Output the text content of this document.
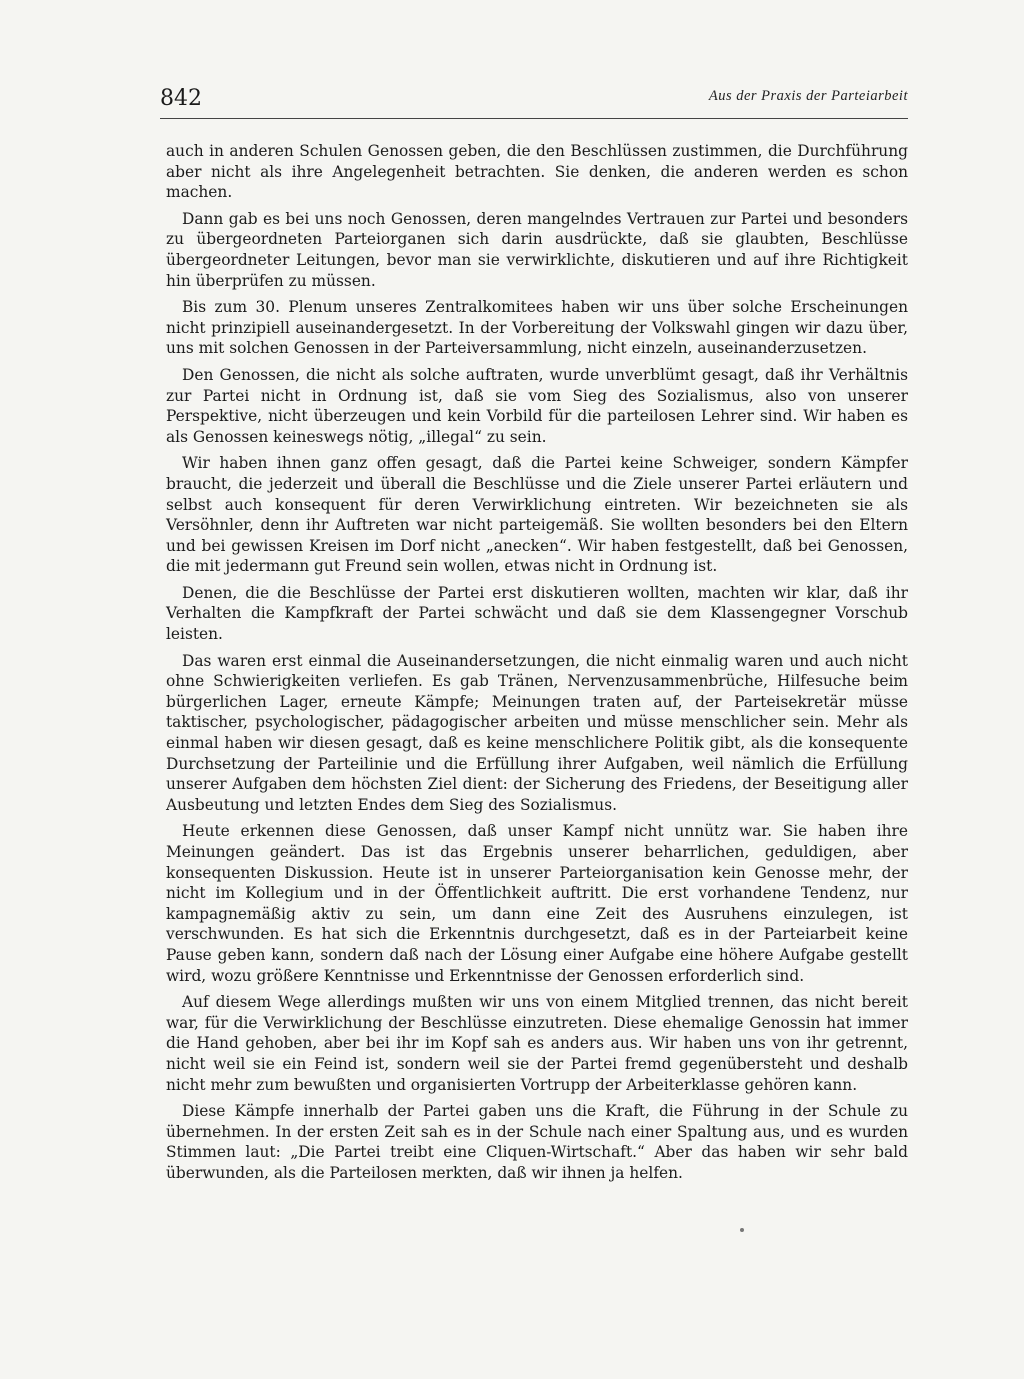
842	Aus der Praxis der Parteiarbeit

auch in anderen Schulen Genossen geben, die den Beschlüssen zustimmen, die Durchführung aber nicht als ihre Angelegenheit betrachten. Sie denken, die anderen werden es schon machen.

Dann gab es bei uns noch Genossen, deren mangelndes Vertrauen zur Partei und besonders zu übergeordneten Parteiorganen sich darin ausdrückte, daß sie glaubten, Beschlüsse übergeordneter Leitungen, bevor man sie verwirklichte, diskutieren und auf ihre Richtigkeit hin überprüfen zu müssen.

Bis zum 30. Plenum unseres Zentralkomitees haben wir uns über solche Erscheinungen nicht prinzipiell auseinandergesetzt. In der Vorbereitung der Volkswahl gingen wir dazu über, uns mit solchen Genossen in der Parteiversammlung, nicht einzeln, auseinanderzusetzen.

Den Genossen, die nicht als solche auftraten, wurde unverblümt gesagt, daß ihr Verhältnis zur Partei nicht in Ordnung ist, daß sie vom Sieg des Sozialismus, also von unserer Perspektive, nicht überzeugen und kein Vorbild für die parteilosen Lehrer sind. Wir haben es als Genossen keineswegs nötig, „illegal“ zu sein.

Wir haben ihnen ganz offen gesagt, daß die Partei keine Schweiger, sondern Kämpfer braucht, die jederzeit und überall die Beschlüsse und die Ziele unserer Partei erläutern und selbst auch konsequent für deren Verwirklichung eintreten. Wir bezeichneten sie als Versöhnler, denn ihr Auftreten war nicht parteigemäß. Sie wollten besonders bei den Eltern und bei gewissen Kreisen im Dorf nicht „anecken“. Wir haben festgestellt, daß bei Genossen, die mit jedermann gut Freund sein wollen, etwas nicht in Ordnung ist.

Denen, die die Beschlüsse der Partei erst diskutieren wollten, machten wir klar, daß ihr Verhalten die Kampfkraft der Partei schwächt und daß sie dem Klassengegner Vorschub leisten.

Das waren erst einmal die Auseinandersetzungen, die nicht einmalig waren und auch nicht ohne Schwierigkeiten verliefen. Es gab Tränen, Nervenzusammenbrüche, Hilfesuche beim bürgerlichen Lager, erneute Kämpfe; Meinungen traten auf, der Parteisekretär müsse taktischer, psychologischer, pädagogischer arbeiten und müsse menschlicher sein. Mehr als einmal haben wir diesen gesagt, daß es keine menschlichere Politik gibt, als die konsequente Durchsetzung der Parteilinie und die Erfüllung ihrer Aufgaben, weil nämlich die Erfüllung unserer Aufgaben dem höchsten Ziel dient: der Sicherung des Friedens, der Beseitigung aller Ausbeutung und letzten Endes dem Sieg des Sozialismus.

Heute erkennen diese Genossen, daß unser Kampf nicht unnütz war. Sie haben ihre Meinungen geändert. Das ist das Ergebnis unserer beharrlichen, geduldigen, aber konsequenten Diskussion. Heute ist in unserer Parteiorganisation kein Genosse mehr, der nicht im Kollegium und in der Öffentlichkeit auftritt. Die erst vorhandene Tendenz, nur kampagnemäßig aktiv zu sein, um dann eine Zeit des Ausruhens einzulegen, ist verschwunden. Es hat sich die Erkenntnis durchgesetzt, daß es in der Parteiarbeit keine Pause geben kann, sondern daß nach der Lösung einer Aufgabe eine höhere Aufgabe gestellt wird, wozu größere Kenntnisse und Erkenntnisse der Genossen erforderlich sind.

Auf diesem Wege allerdings mußten wir uns von einem Mitglied trennen, das nicht bereit war, für die Verwirklichung der Beschlüsse einzutreten. Diese ehemalige Genossin hat immer die Hand gehoben, aber bei ihr im Kopf sah es anders aus. Wir haben uns von ihr getrennt, nicht weil sie ein Feind ist, sondern weil sie der Partei fremd gegenübersteht und deshalb nicht mehr zum bewußten und organisierten Vortrupp der Arbeiterklasse gehören kann.

Diese Kämpfe innerhalb der Partei gaben uns die Kraft, die Führung in der Schule zu übernehmen. In der ersten Zeit sah es in der Schule nach einer Spaltung aus, und es wurden Stimmen laut: „Die Partei treibt eine Cliquen-Wirtschaft.“ Aber das haben wir sehr bald überwunden, als die Parteilosen merkten, daß wir ihnen ja helfen.
